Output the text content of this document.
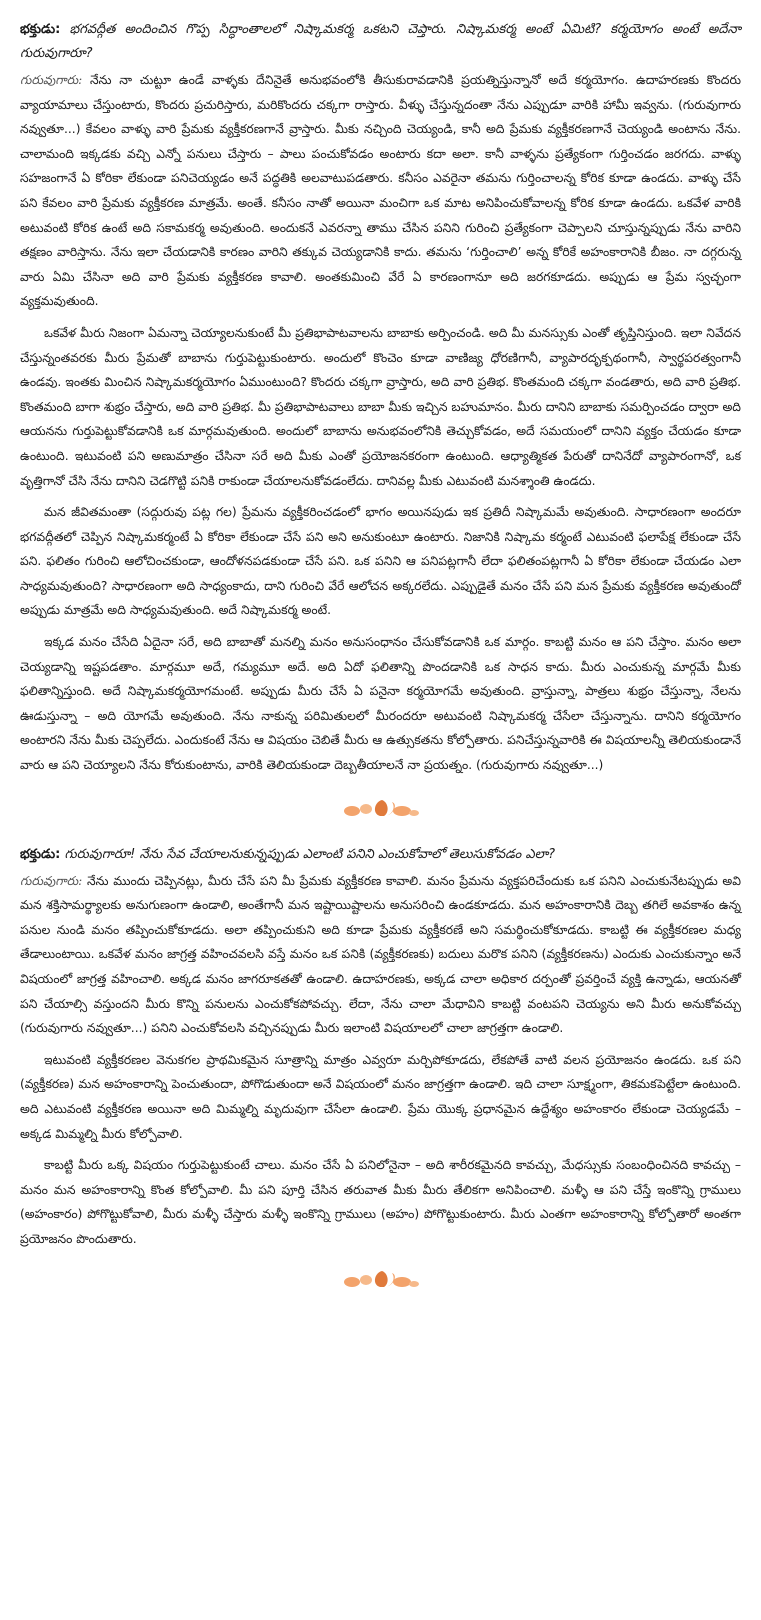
భక్తుడు: భగవద్గీత అందించిన గొప్ప సిద్ధాంతాలలో నిష్కామకర్మ ఒకటని చెప్తారు. నిష్కామకర్మ అంటే ఏమిటి? కర్మయోగం అంటే అదేనా గురువుగారూ?

గురువుగారు: నేను నా చుట్టూ ఉండే వాళ్ళకు దేనినైతే అనుభవంలోకి తీసుకురావడానికి ప్రయత్నిస్తున్నానో అదే కర్మయోగం. ఉదాహరణకు కొందరు వ్యాయామాలు చేస్తుంటారు, కొందరు ప్రచురిస్తారు, మరికొందరు చక్కగా రాస్తారు. వీళ్ళు చేస్తున్నదంతా నేను ఎప్పుడూ వారికి హామీ ఇవ్వను. (గురువుగారు నవ్వుతూ...) కేవలం వాళ్ళు వారి ప్రేమకు వ్యక్తీకరణగానే వ్రాస్తారు. మీకు నచ్చింది చెయ్యండి, కానీ అది ప్రేమకు వ్యక్తీకరణగానే చెయ్యండి అంటాను నేను. చాలామంది ఇక్కడకు వచ్చి ఎన్నో పనులు చేస్తారు – పాలు పంచుకోవడం అంటారు కదా అలా. కానీ వాళ్ళను ప్రత్యేకంగా గుర్తించడం జరగదు. వాళ్ళు సహజంగానే ఏ కోరికా లేకుండా పనిచెయ్యడం అనే పద్ధతికి అలవాటుపడతారు. కనీసం ఎవరైనా తమను గుర్తించాలన్న కోరిక కూడా ఉండదు. వాళ్ళు చేసే పని కేవలం వారి ప్రేమకు వ్యక్తీకరణ మాత్రమే. అంతే. కనీసం నాతో అయినా మంచిగా ఒక మాట అనిపించుకోవాలన్న కోరిక కూడా ఉండదు. ఒకవేళ వారికి అటువంటి కోరిక ఉంటే అది సకామకర్మ అవుతుంది. అందుకనే ఎవరన్నా తాము చేసిన పనిని గురించి ప్రత్యేకంగా చెప్పాలని చూస్తున్నప్పుడు నేను వారిని తక్షణం వారిస్తాను. నేను ఇలా చేయడానికి కారణం వారిని తక్కువ చెయ్యడానికి కాదు. తమను ‘గుర్తించాలి’ అన్న కోరికే అహంకారానికి బీజం. నా దగ్గరున్న వారు ఏమి చేసినా అది వారి ప్రేమకు వ్యక్తీకరణ కావాలి. అంతకుమించి వేరే ఏ కారణంగానూ అది జరగకూడదు. అప్పుడు ఆ ప్రేమ స్వచ్ఛంగా వ్యక్తమవుతుంది.

ఒకవేళ మీరు నిజంగా ఏమన్నా చెయ్యాలనుకుంటే మీ ప్రతిభాపాటవాలను బాబాకు అర్పించండి. అది మీ మనస్సుకు ఎంతో తృప్తినిస్తుంది. ఇలా నివేదన చేస్తున్నంతవరకు మీరు ప్రేమతో బాబాను గుర్తుపెట్టుకుంటారు. అందులో కొంచెం కూడా వాణిజ్య ధోరణిగానీ, వ్యాపారదృక్పథంగానీ, స్వార్థపరత్వంగానీ ఉండవు. ఇంతకు మించిన నిష్కామకర్మయోగం ఏముంటుంది? కొందరు చక్కగా వ్రాస్తారు, అది వారి ప్రతిభ. కొంతమంది చక్కగా వండతారు, అది వారి ప్రతిభ. కొంతమంది బాగా శుభ్రం చేస్తారు, అది వారి ప్రతిభ. మీ ప్రతిభాపాటవాలు బాబా మీకు ఇచ్చిన బహుమానం. మీరు దానిని బాబాకు సమర్పించడం ద్వారా అది ఆయనను గుర్తుపెట్టుకోవడానికి ఒక మార్గమవుతుంది. అందులో బాబాను అనుభవంలోనికి తెచ్చుకోవడం, అదే సమయంలో దానిని వ్యక్తం చేయడం కూడా ఉంటుంది. ఇటువంటి పని అణుమాత్రం చేసినా సరే అది మీకు ఎంతో ప్రయోజనకరంగా ఉంటుంది. ఆధ్యాత్మికత పేరుతో దానినేదో వ్యాపారంగానో, ఒక వృత్తిగానో చేసి నేను దానిని చెడగొట్టి పనికి రాకుండా చేయాలనుకోవడంలేదు. దానివల్ల మీకు ఎటువంటి మనశ్శాంతి ఉండదు.

మన జీవితమంతా (సద్గురువు పట్ల గల) ప్రేమను వ్యక్తీకరించడంలో భాగం అయినపుడు ఇక ప్రతిదీ నిష్కామమే అవుతుంది. సాధారణంగా అందరూ భగవద్గీతలో చెప్పిన నిష్కామకర్మంటే ఏ కోరికా లేకుండా చేసే పని అని అనుకుంటూ ఉంటారు. నిజానికి నిష్కామ కర్మంటే ఎటువంటి ఫలాపేక్ష లేకుండా చేసే పని. ఫలితం గురించి ఆలోచించకుండా, ఆందోళనపడకుండా చేసే పని. ఒక పనిని ఆ పనిపట్లగానీ లేదా ఫలితంపట్లగానీ ఏ కోరికా లేకుండా చేయడం ఎలా సాధ్యమవుతుంది? సాధారణంగా అది సాధ్యంకాదు, దాని గురించి వేరే ఆలోచన అక్కరలేదు. ఎప్పుడైతే మనం చేసే పని మన ప్రేమకు వ్యక్తీకరణ అవుతుందో అప్పుడు మాత్రమే అది సాధ్యమవుతుంది. అదే నిష్కామకర్మ అంటే.

ఇక్కడ మనం చేసేది ఏదైనా సరే, అది బాబాతో మనల్ని మనం అనుసంధానం చేసుకోవడానికి ఒక మార్గం. కాబట్టి మనం ఆ పని చేస్తాం. మనం అలా చెయ్యడాన్ని ఇష్టపడతాం. మార్గమూ అదే, గమ్యమూ అదే. అది ఏదో ఫలితాన్ని పొందడానికి ఒక సాధన కాదు. మీరు ఎంచుకున్న మార్గమే మీకు ఫలితాన్నిస్తుంది. అదే నిష్కామకర్మయోగమంటే. అప్పుడు మీరు చేసే ఏ పనైనా కర్మయోగమే అవుతుంది. వ్రాస్తున్నా, పాత్రలు శుభ్రం చేస్తున్నా, నేలను ఊడుస్తున్నా – అది యోగమే అవుతుంది. నేను నాకున్న పరిమితులలో మీరందరూ అటువంటి నిష్కామకర్మ చేసేలా చేస్తున్నాను. దానిని కర్మయోగం అంటారని నేను మీకు చెప్పలేదు. ఎందుకంటే నేను ఆ విషయం చెబితే మీరు ఆ ఉత్సుకతను కోల్పోతారు. పనిచేస్తున్నవారికి ఈ విషయాలన్నీ తెలియకుండానే వారు ఆ పని చెయ్యాలని నేను కోరుకుంటాను, వారికి తెలియకుండా దెబ్బతీయాలనే నా ప్రయత్నం. (గురువుగారు నవ్వుతూ...)

భక్తుడు: గురువుగారూ! నేను సేవ చేయాలనుకున్నప్పుడు ఎలాంటి పనిని ఎంచుకోవాలో తెలుసుకోవడం ఎలా?

గురువుగారు: నేను ముందు చెప్పినట్లు, మీరు చేసే పని మీ ప్రేమకు వ్యక్తీకరణ కావాలి. మనం ప్రేమను వ్యక్తపరిచేందుకు ఒక పనిని ఎంచుకునేటప్పుడు అవి మన శక్తిసామర్థ్యాలకు అనుగుణంగా ఉండాలి, అంతేగానీ మన ఇష్టాయిష్టాలను అనుసరించి ఉండకూడదు. మన అహంకారానికి దెబ్బ తగిలే అవకాశం ఉన్న పనుల నుండి మనం తప్పించుకోకూడదు. అలా తప్పించుకుని అది కూడా ప్రేమకు వ్యక్తీకరణే అని సమర్థించుకోకూడదు. కాబట్టి ఈ వ్యక్తీకరణల మధ్య తేడాలుంటాయి. ఒకవేళ మనం జాగ్రత్త వహించవలసి వస్తే మనం ఒక పనికి (వ్యక్తీకరణకు) బదులు మరొక పనిని (వ్యక్తీకరణను) ఎందుకు ఎంచుకున్నాం అనే విషయంలో జాగ్రత్త వహించాలి. అక్కడ మనం జాగరూకతతో ఉండాలి. ఉదాహరణకు, అక్కడ చాలా అధికార దర్పంతో ప్రవర్తించే వ్యక్తి ఉన్నాడు, ఆయనతో పని చేయాల్సి వస్తుందని మీరు కొన్ని పనులను ఎంచుకోకపోవచ్చు. లేదా, నేను చాలా మేధావిని కాబట్టి వంటపని చెయ్యను అని మీరు అనుకోవచ్చు (గురువుగారు నవ్వుతూ...) పనిని ఎంచుకోవలసి వచ్చినప్పుడు మీరు ఇలాంటి విషయాలలో చాలా జాగ్రత్తగా ఉండాలి.

ఇటువంటి వ్యక్తీకరణల వెనుకగల ప్రాథమికమైన సూత్రాన్ని మాత్రం ఎవ్వరూ మర్చిపోకూడదు, లేకపోతే వాటి వలన ప్రయోజనం ఉండదు. ఒక పని (వ్యక్తీకరణ) మన అహంకారాన్ని పెంచుతుందా, పోగొడుతుందా అనే విషయంలో మనం జాగ్రత్తగా ఉండాలి. ఇది చాలా సూక్ష్మంగా, తికమకపెట్టేలా ఉంటుంది. అది ఎటువంటి వ్యక్తీకరణ అయినా అది మిమ్మల్ని మృదువుగా చేసేలా ఉండాలి. ప్రేమ యొక్క ప్రధానమైన ఉద్దేశ్యం అహంకారం లేకుండా చెయ్యడమే – అక్కడ మిమ్మల్ని మీరు కోల్పోవాలి.

కాబట్టి మీరు ఒక్క విషయం గుర్తుపెట్టుకుంటే చాలు. మనం చేసే ఏ పనిలోనైనా – అది శారీరకమైనది కావచ్చు, మేధస్సుకు సంబంధించినది కావచ్చు – మనం మన అహంకారాన్ని కొంత కోల్పోవాలి. మీ పని పూర్తి చేసిన తరువాత మీకు మీరు తేలికగా అనిపించాలి. మళ్ళీ ఆ పని చేస్తే ఇంకొన్ని గ్రాములు (అహంకారం) పోగొట్టుకోవాలి, మీరు మళ్ళీ చేస్తారు మళ్ళీ ఇంకొన్ని గ్రాములు (అహం) పోగొట్టుకుంటారు. మీరు ఎంతగా అహంకారాన్ని కోల్పోతారో అంతగా ప్రయోజనం పొందుతారు.
